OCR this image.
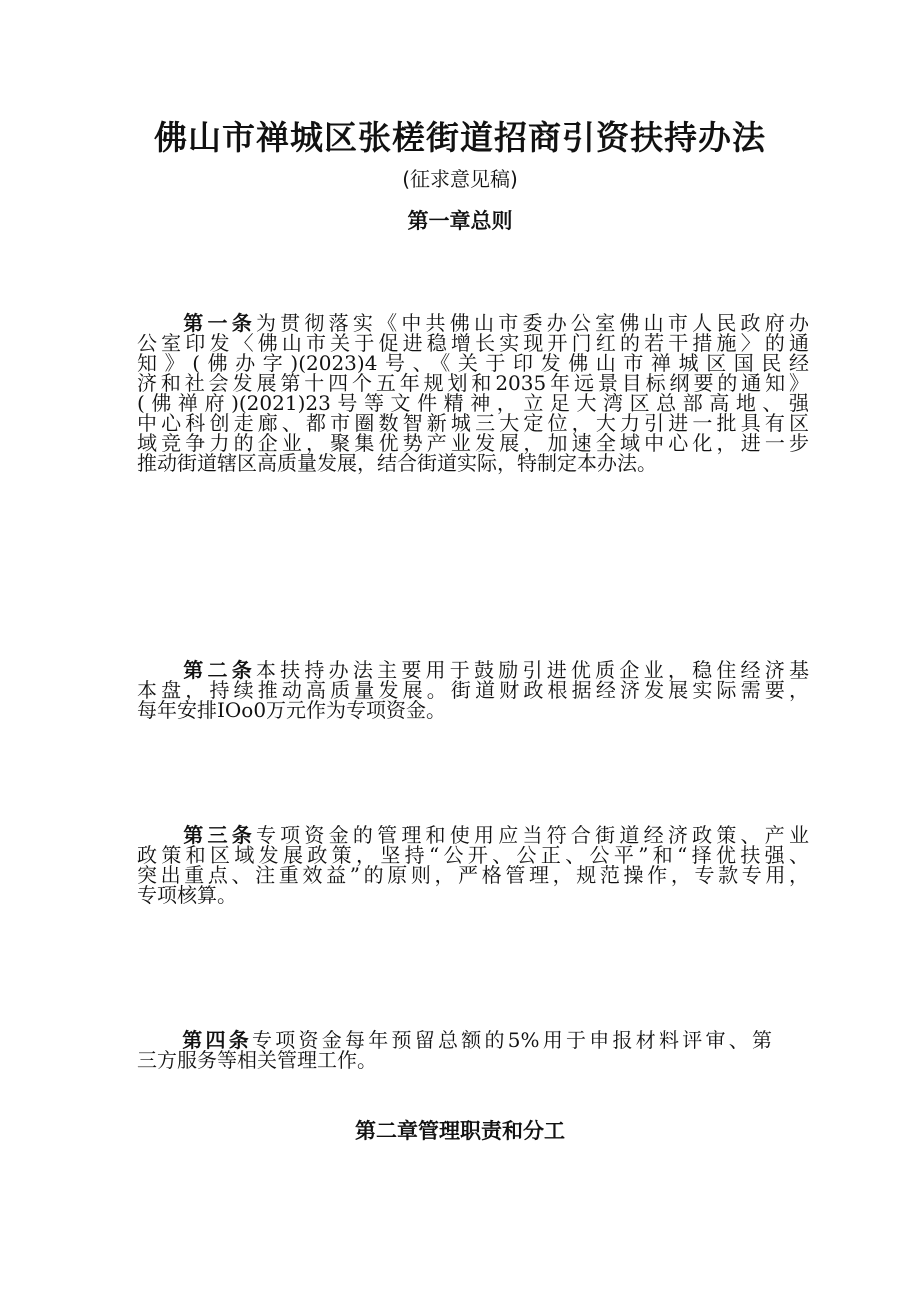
佛山市禅城区张槎街道招商引资扶持办法
(征求意见稿)
第一章总则
第一条为贯彻落实《中共佛山市委办公室佛山市人民政府办
公室印发〈佛山市关于促进稳增长实现开门红的若干措施〉的通
知》(佛办字)(2023)4号、《关于印发佛山市禅城区国民经
济和社会发展第十四个五年规划和2035年远景目标纲要的通知》
(佛禅府)(2021)23号等文件精神，立足大湾区总部高地、强
中心科创走廊、都市圈数智新城三大定位，大力引进一批具有区
域竞争力的企业，聚集优势产业发展，加速全域中心化，进一步
推动街道辖区高质量发展，结合街道实际，特制定本办法。
第二条本扶持办法主要用于鼓励引进优质企业，稳住经济基
本盘，持续推动高质量发展。街道财政根据经济发展实际需要，
每年安排IOo0万元作为专项资金。
第三条专项资金的管理和使用应当符合街道经济政策、产业
政策和区域发展政策，坚持“公开、公正、公平”和“择优扶强、
突出重点、注重效益”的原则，严格管理，规范操作，专款专用，
专项核算。
第四条专项资金每年预留总额的5%用于申报材料评审、第
三方服务等相关管理工作。
第二章管理职责和分工
